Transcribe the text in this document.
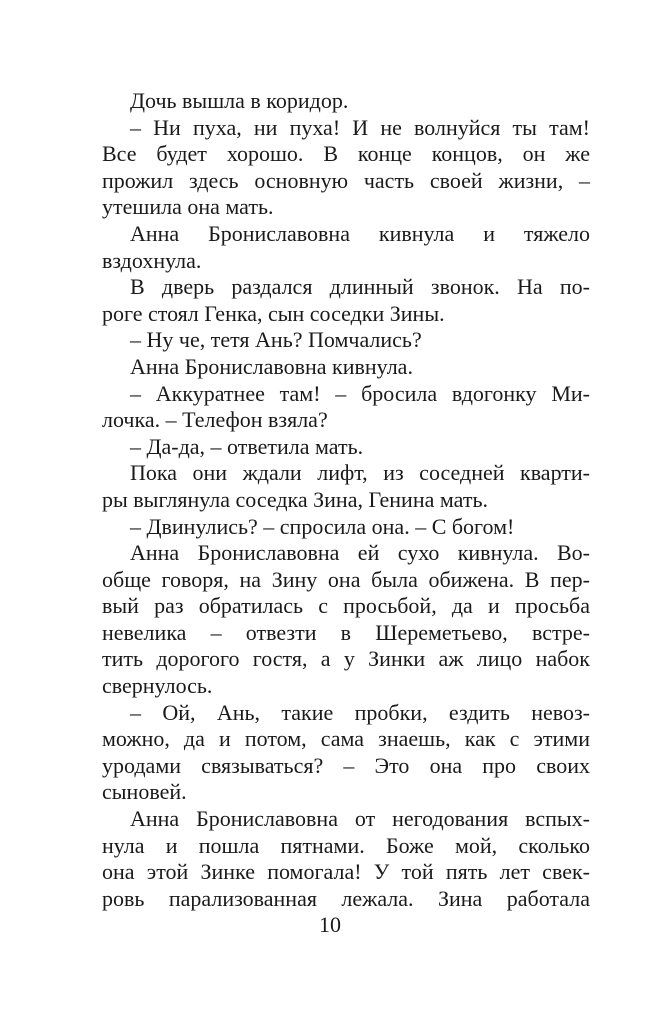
Дочь вышла в коридор.
– Ни пуха, ни пуха! И не волнуйся ты там!
Все будет хорошо. В конце концов, он же
прожил здесь основную часть своей жизни, –
утешила она мать.
Анна Брониславовна кивнула и тяжело
вздохнула.
В дверь раздался длинный звонок. На по-
роге стоял Генка, сын соседки Зины.
– Ну че, тетя Ань? Помчались?
Анна Брониславовна кивнула.
– Аккуратнее там! – бросила вдогонку Ми-
лочка. – Телефон взяла?
– Да-да, – ответила мать.
Пока они ждали лифт, из соседней кварти-
ры выглянула соседка Зина, Генина мать.
– Двинулись? – спросила она. – С богом!
Анна Брониславовна ей сухо кивнула. Во-
обще говоря, на Зину она была обижена. В пер-
вый раз обратилась с просьбой, да и просьба
невелика – отвезти в Шереметьево, встре-
тить дорогого гостя, а у Зинки аж лицо набок
свернулось.
– Ой, Ань, такие пробки, ездить невоз-
можно, да и потом, сама знаешь, как с этими
уродами связываться? – Это она про своих
сыновей.
Анна Брониславовна от негодования вспых-
нула и пошла пятнами. Боже мой, сколько
она этой Зинке помогала! У той пять лет свек-
ровь парализованная лежала. Зина работала
10
